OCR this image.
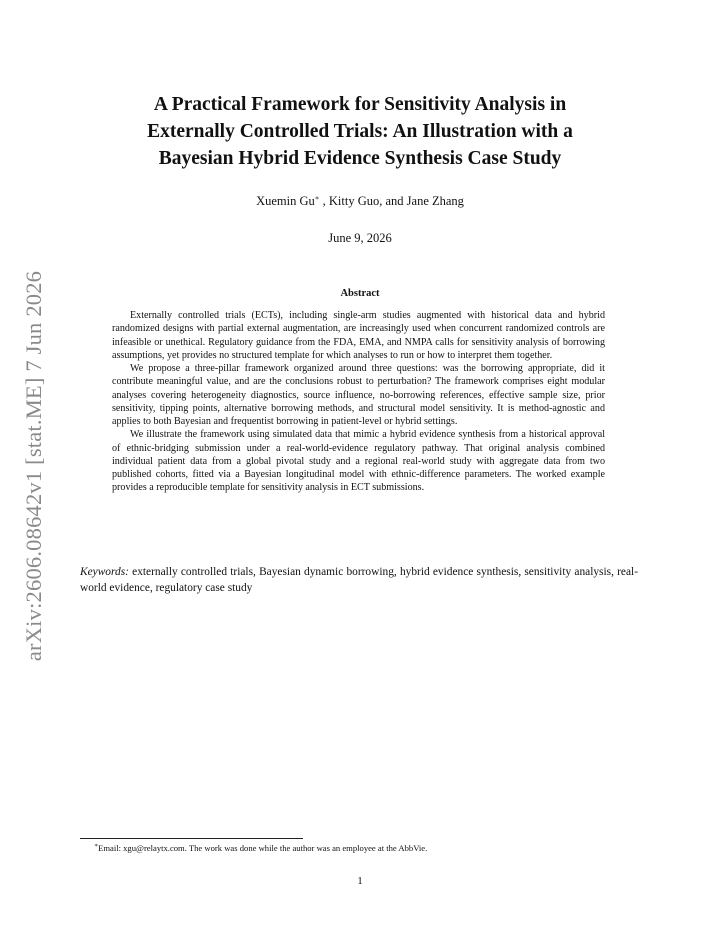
arXiv:2606.08642v1 [stat.ME] 7 Jun 2026
A Practical Framework for Sensitivity Analysis in
Externally Controlled Trials: An Illustration with a
Bayesian Hybrid Evidence Synthesis Case Study
Xuemin Gu∗ , Kitty Guo, and Jane Zhang
June 9, 2026
Abstract

Externally controlled trials (ECTs), including single-arm studies augmented with historical data and hybrid randomized designs with partial external augmentation, are increasingly used when concurrent randomized controls are infeasible or unethical. Regulatory guidance from the FDA, EMA, and NMPA calls for sensitivity analysis of borrowing assumptions, yet provides no structured template for which analyses to run or how to interpret them together.

We propose a three-pillar framework organized around three questions: was the borrowing appropriate, did it contribute meaningful value, and are the conclusions robust to perturbation? The framework comprises eight modular analyses covering heterogeneity diagnostics, source influence, no-borrowing references, effective sample size, prior sensitivity, tipping points, alternative borrowing methods, and structural model sensitivity. It is method-agnostic and applies to both Bayesian and frequentist borrowing in patient-level or hybrid settings.

We illustrate the framework using simulated data that mimic a hybrid evidence synthesis from a historical approval of ethnic-bridging submission under a real-world-evidence regulatory pathway. That original analysis combined individual patient data from a global pivotal study and a regional real-world study with aggregate data from two published cohorts, fitted via a Bayesian longitudinal model with ethnic-difference parameters. The worked example provides a reproducible template for sensitivity analysis in ECT submissions.

Keywords: externally controlled trials, Bayesian dynamic borrowing, hybrid evidence synthesis, sensitivity analysis, real-world evidence, regulatory case study

∗Email: xgu@relaytx.com. The work was done while the author was an employee at the AbbVie.
1
